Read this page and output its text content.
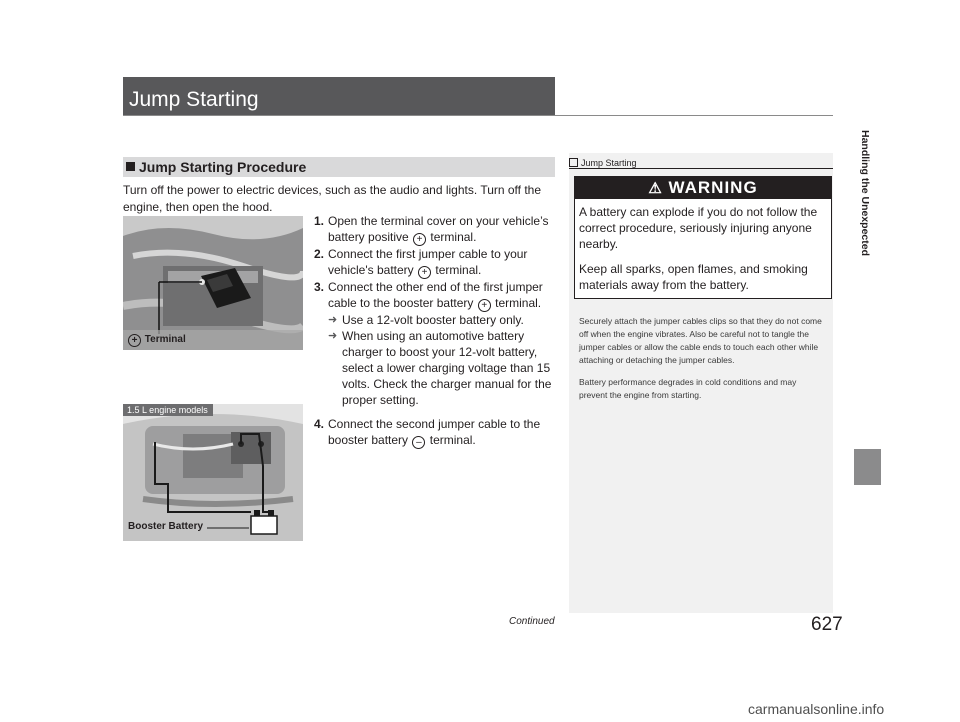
Jump Starting
Jump Starting Procedure
Turn off the power to electric devices, such as the audio and lights. Turn off the engine, then open the hood.
1. Open the terminal cover on your vehicle’s battery positive + terminal.
2. Connect the first jumper cable to your vehicle's battery + terminal.
3. Connect the other end of the first jumper cable to the booster battery + terminal.
➜ Use a 12-volt booster battery only.
➜ When using an automotive battery charger to boost your 12-volt battery, select a lower charging voltage than 15 volts. Check the charger manual for the proper setting.
4. Connect the second jumper cable to the booster battery – terminal.
+ Terminal
1.5 L engine models
Booster Battery
Jump Starting
⚠ WARNING

A battery can explode if you do not follow the correct procedure, seriously injuring anyone nearby.

Keep all sparks, open flames, and smoking materials away from the battery.

Securely attach the jumper cables clips so that they do not come off when the engine vibrates. Also be careful not to tangle the jumper cables or allow the cable ends to touch each other while attaching or detaching the jumper cables.

Battery performance degrades in cold conditions and may prevent the engine from starting.

Handling the Unexpected
Continued	627
carmanualsonline.info
